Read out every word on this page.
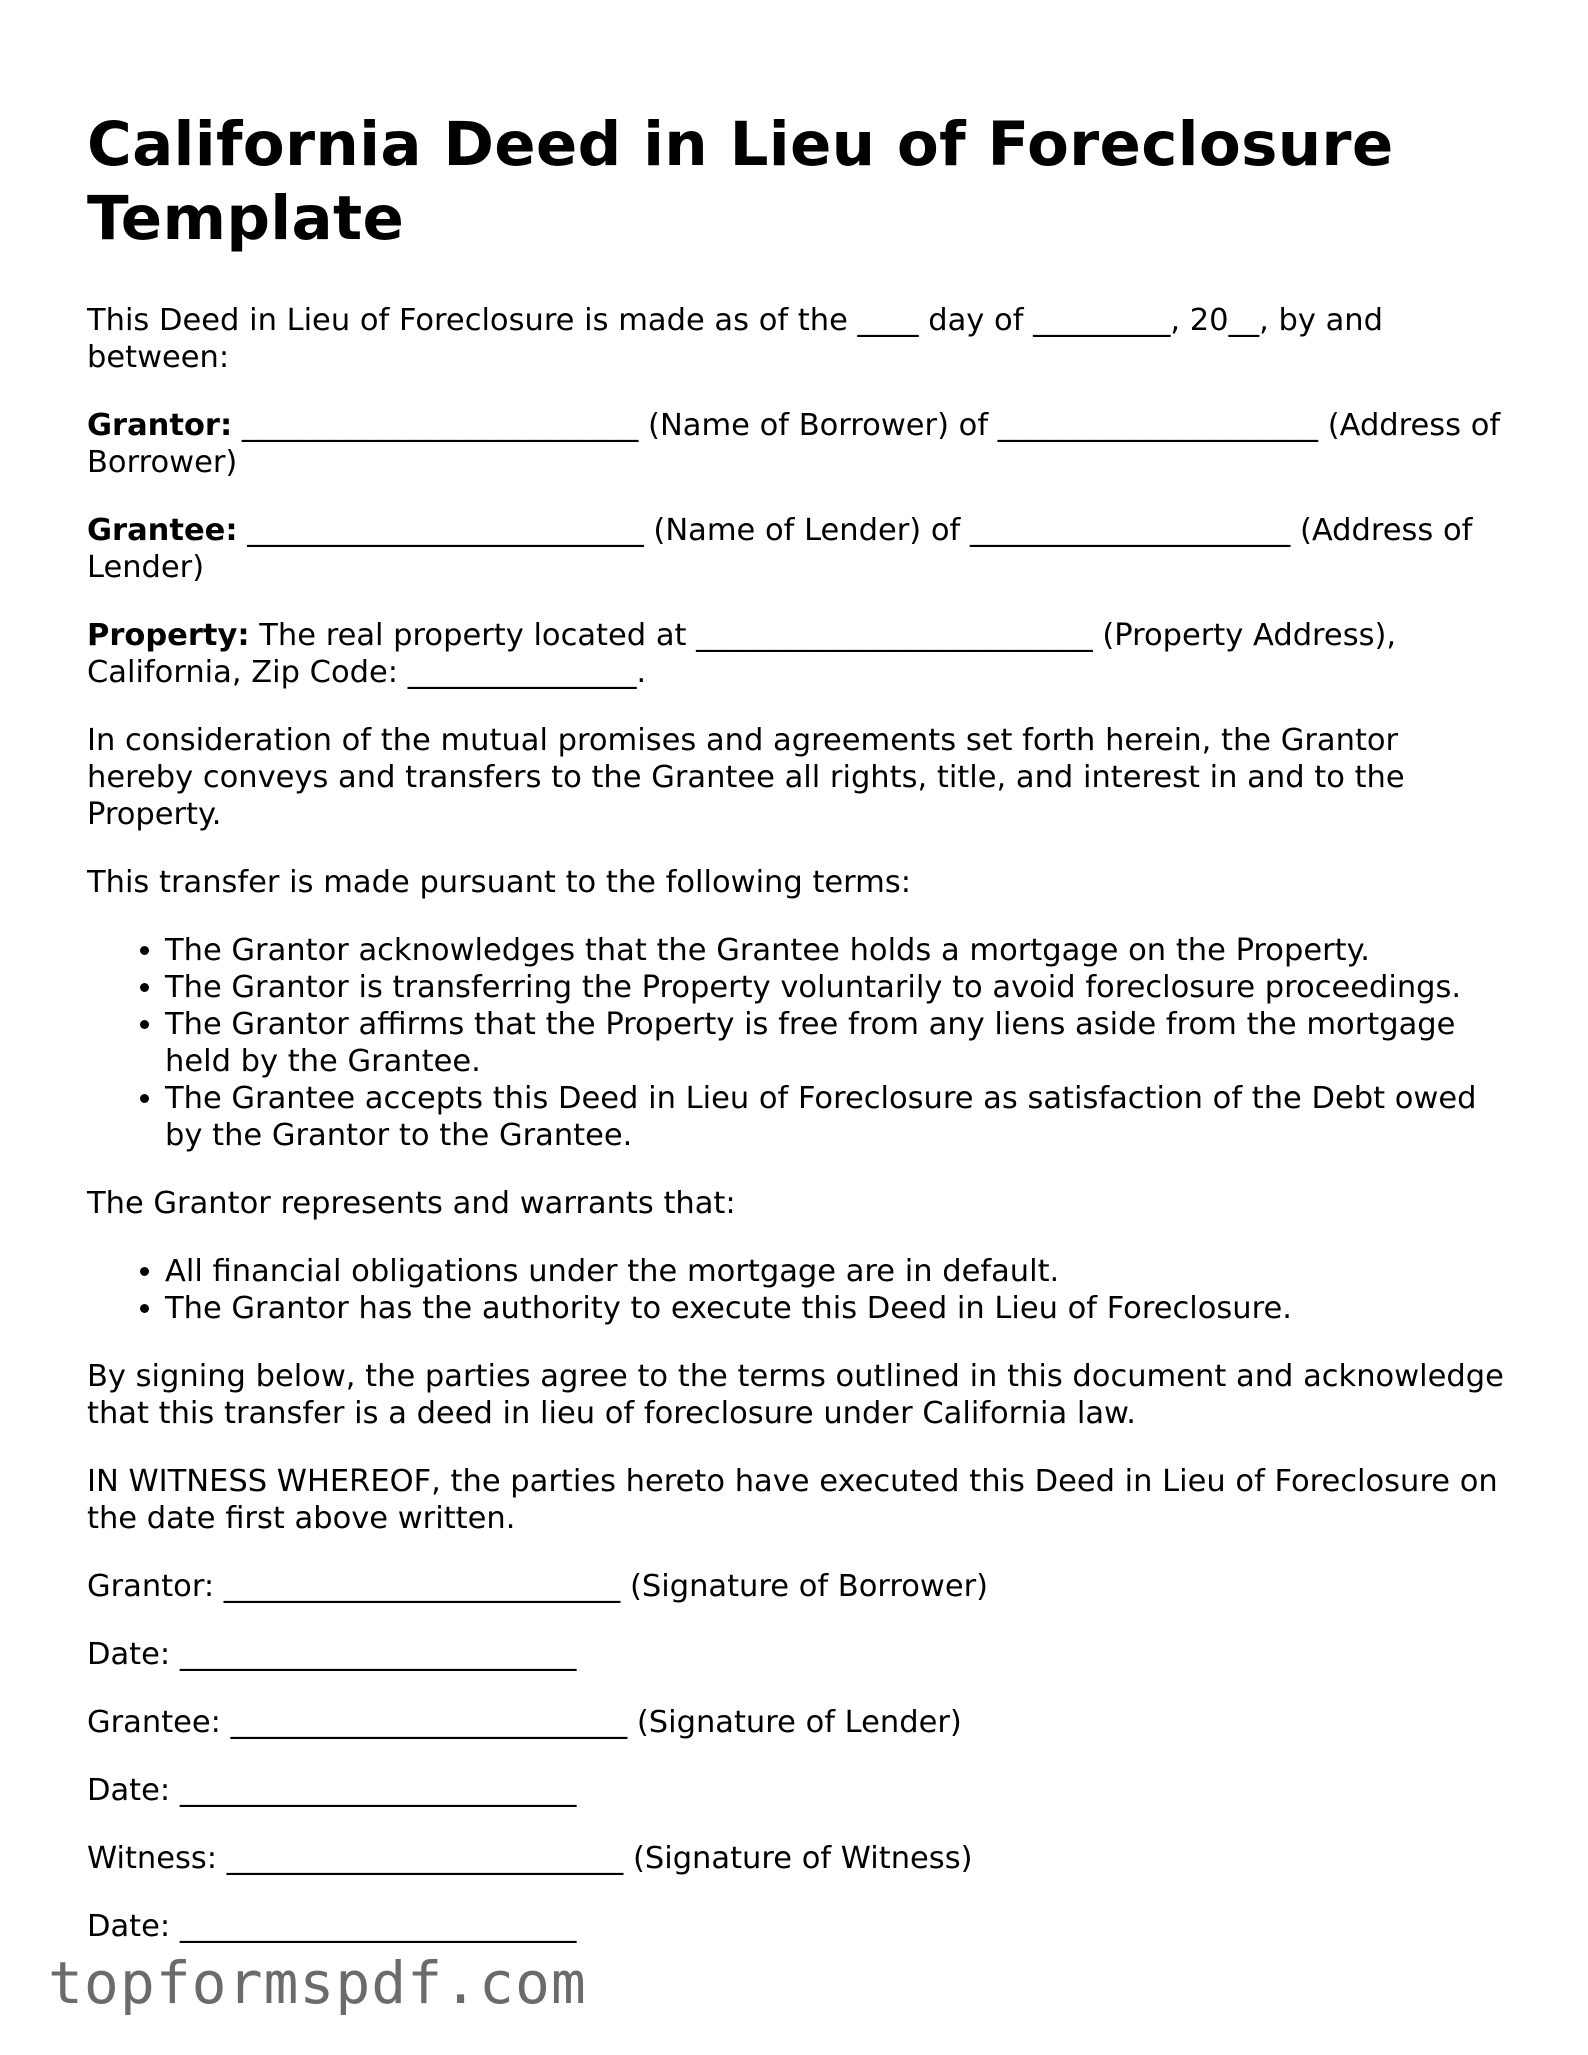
California Deed in Lieu of Foreclosure Template

This Deed in Lieu of Foreclosure is made as of the ____ day of _________, 20__, by and between:

Grantor: __________________________ (Name of Borrower) of _____________________ (Address of Borrower)

Grantee: __________________________ (Name of Lender) of _____________________ (Address of Lender)

Property: The real property located at __________________________ (Property Address), California, Zip Code: _______________.

In consideration of the mutual promises and agreements set forth herein, the Grantor hereby conveys and transfers to the Grantee all rights, title, and interest in and to the Property.

This transfer is made pursuant to the following terms:

• The Grantor acknowledges that the Grantee holds a mortgage on the Property.
• The Grantor is transferring the Property voluntarily to avoid foreclosure proceedings.
• The Grantor affirms that the Property is free from any liens aside from the mortgage held by the Grantee.
• The Grantee accepts this Deed in Lieu of Foreclosure as satisfaction of the Debt owed by the Grantor to the Grantee.

The Grantor represents and warrants that:

• All financial obligations under the mortgage are in default.
• The Grantor has the authority to execute this Deed in Lieu of Foreclosure.

By signing below, the parties agree to the terms outlined in this document and acknowledge that this transfer is a deed in lieu of foreclosure under California law.

IN WITNESS WHEREOF, the parties hereto have executed this Deed in Lieu of Foreclosure on the date first above written.

Grantor: __________________________ (Signature of Borrower)

Date: __________________________

Grantee: __________________________ (Signature of Lender)

Date: __________________________

Witness: __________________________ (Signature of Witness)

Date: __________________________

topformspdf.com
